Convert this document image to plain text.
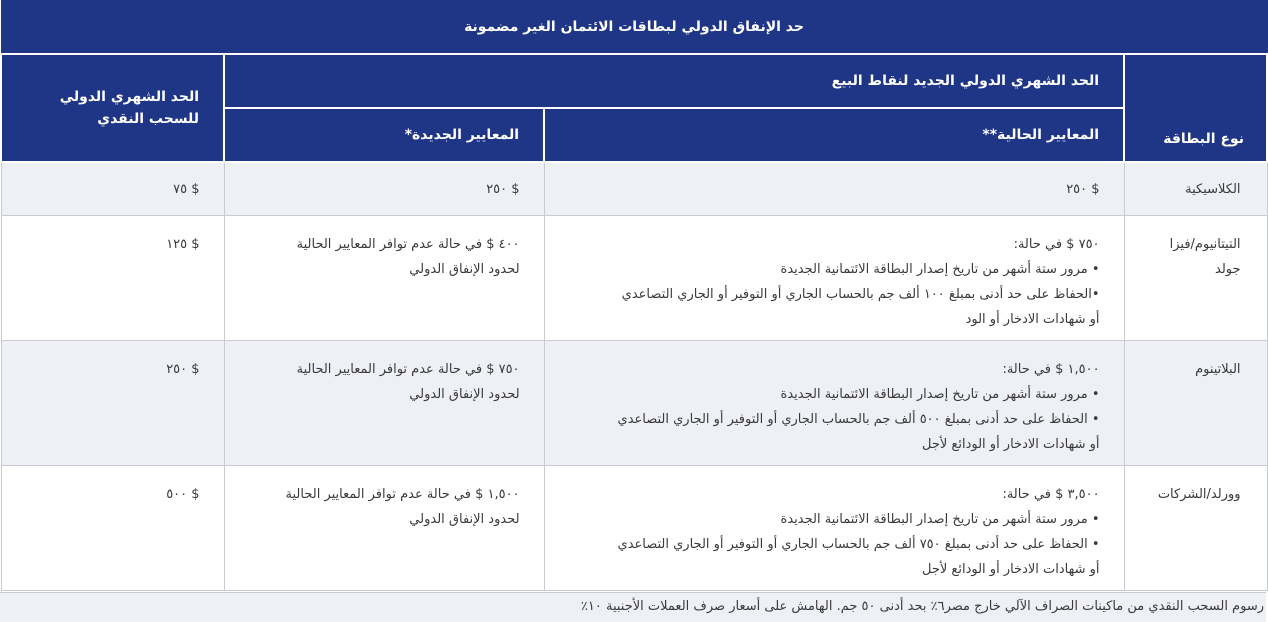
حد الإنفاق الدولي لبطاقات الائتمان الغير مضمونة			
نوع البطاقة	الحد الشهري الدولي الجديد لنقاط البيع		الحد الشهري الدولي
للسحب النقدي

	المعايير الحالية**	المعايير الجديدة*	
الكلاسيكية	$ ٢٥٠	$ ٢٥٠	$ ٧٥

التيتانيوم/فيزا
جولد	٧٥٠ $ في حالة:
• مرور ستة أشهر من تاريخ إصدار البطاقة الائتمانية الجديدة
•الحفاظ على حد أدنى بمبلغ ١٠٠ ألف جم بالحساب الجاري أو التوفير أو الجاري التصاعدي
أو شهادات الادخار أو الود	٤٠٠ $ في حالة عدم توافر المعايير الحالية
لحدود الإنفاق الدولي	$ ١٢٥
البلاتينوم	١,٥٠٠ $ في حالة:
• مرور ستة أشهر من تاريخ إصدار البطاقة الائتمانية الجديدة
• الحفاظ على حد أدنى بمبلغ ٥٠٠ ألف جم بالحساب الجاري أو التوفير أو الجاري التصاعدي
أو شهادات الادخار أو الودائع لأجل	٧٥٠ $ في حالة عدم توافر المعايير الحالية
لحدود الإنفاق الدولي	$ ٢٥٠
وورلد/الشركات	٣,٥٠٠ $ في حالة:
• مرور ستة أشهر من تاريخ إصدار البطاقة الائتمانية الجديدة
• الحفاظ على حد أدنى بمبلغ ٧٥٠ ألف جم بالحساب الجاري أو التوفير أو الجاري التصاعدي
أو شهادات الادخار أو الودائع لأجل	١,٥٠٠ $ في حالة عدم توافر المعايير الحالية
لحدود الإنفاق الدولي	$ ٥٠٠
رسوم السحب النقدي من ماكينات الصراف الآلي خارج مصر٦٪ بحد أدنى ٥٠ جم. الهامش على أسعار صرف العملات الأجنبية ١٠٪
